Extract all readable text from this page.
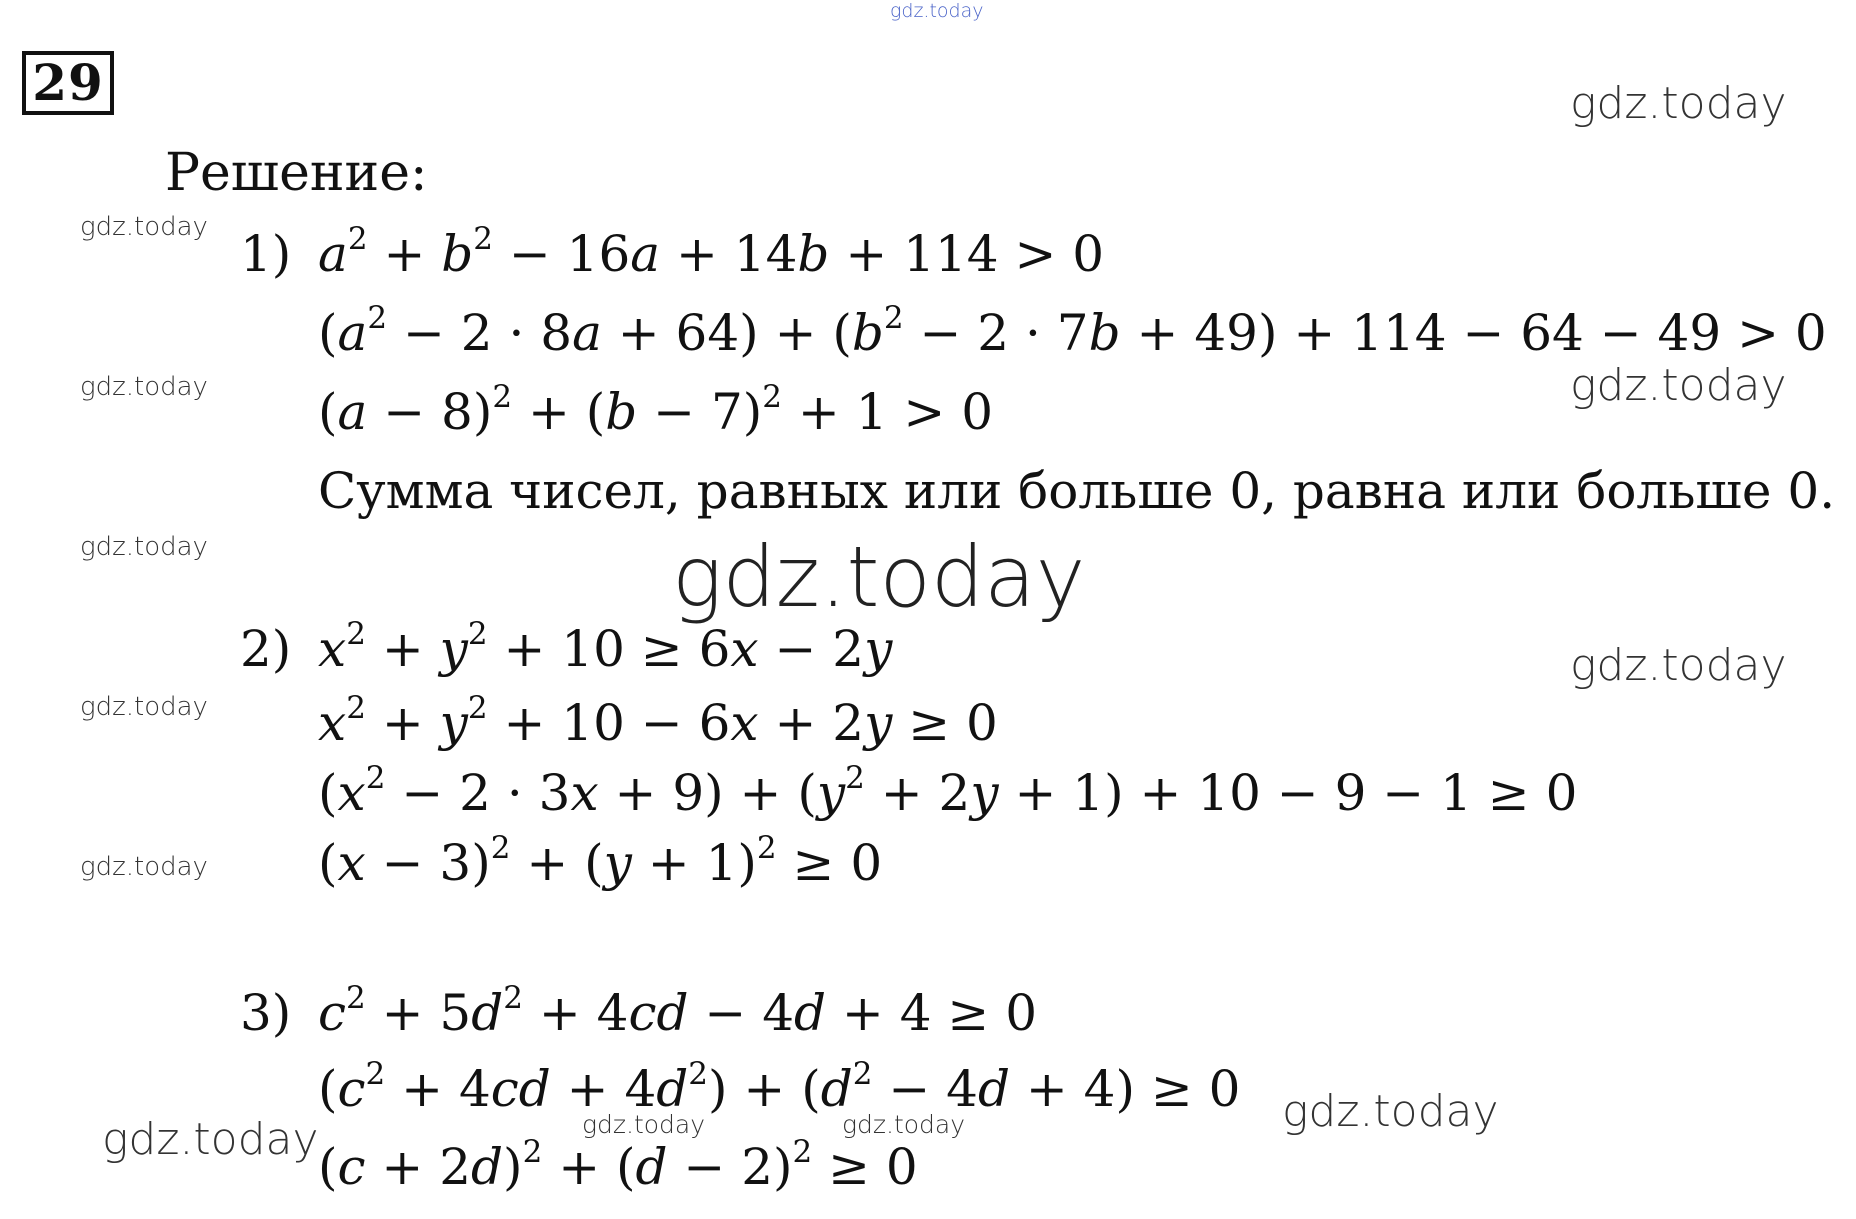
gdz.today
gdz.today
gdz.today
gdz.today	gdz.today
gdz.today	gdz.today
gdz.today
gdz.today
gdz.today
gdz.today
gdz.today	gdz.today
gdz.today
29
Решение:
1) $a^2 + b^2 - 16a + 14b + 114 > 0$
$(a^2 - 2 \cdot 8a + 64) + (b^2 - 2 \cdot 7b + 49) + 114 - 64 - 49 > 0$
$(a - 8)^2 + (b - 7)^2 + 1 > 0$
Сумма чисел, равных или больше 0, равна или больше 0.
2) $x^2 + y^2 + 10 \ge 6x - 2y$
$x^2 + y^2 + 10 - 6x + 2y \ge 0$
$(x^2 - 2 \cdot 3x + 9) + (y^2 + 2y + 1) + 10 - 9 - 1 \ge 0$
$(x - 3)^2 + (y + 1)^2 \ge 0$
3) $c^2 + 5d^2 + 4cd - 4d + 4 \ge 0$
$(c^2 + 4cd + 4d^2) + (d^2 - 4d + 4) \ge 0$
$(c + 2d)^2 + (d - 2)^2 \ge 0$
